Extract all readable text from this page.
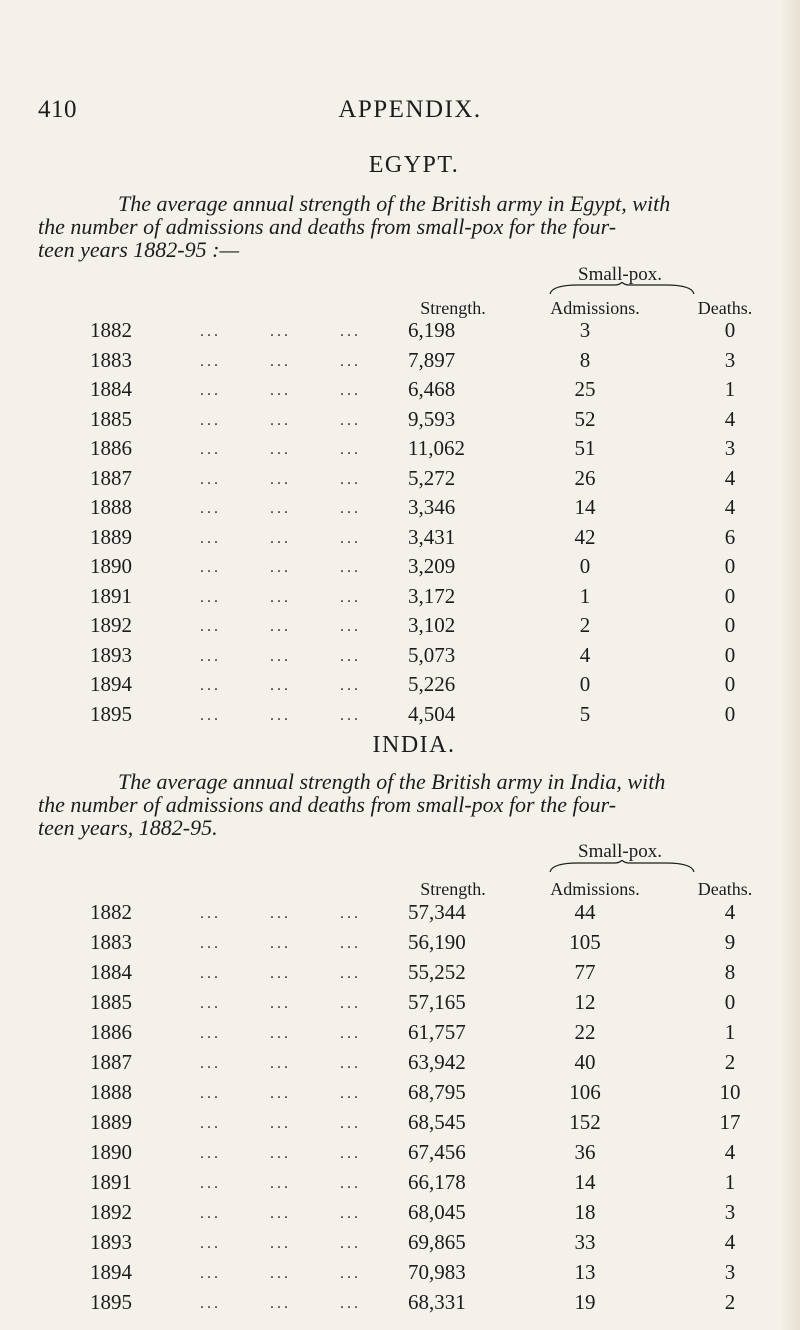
410	APPENDIX.
EGYPT.
The average annual strength of the British army in Egypt, with
the number of admissions and deaths from small-pox for the four-
teen years 1882-95 :—
Small-pox.
Strength.	Admissions.	Deaths.
1882	...	...	...	6,198	3	0
1883	...	...	...	7,897	8	3
1884	...	...	...	6,468	25	1
1885	...	...	...	9,593	52	4
1886	...	...	...	11,062	51	3
1887	...	...	...	5,272	26	4
1888	...	...	...	3,346	14	4
1889	...	...	...	3,431	42	6
1890	...	...	...	3,209	0	0
1891	...	...	...	3,172	1	0
1892	...	...	...	3,102	2	0
1893	...	...	...	5,073	4	0
1894	...	...	...	5,226	0	0
1895	...	...	...	4,504	5	0
INDIA.
The average annual strength of the British army in India, with
the number of admissions and deaths from small-pox for the four-
teen years, 1882-95.
Small-pox.
Strength.	Admissions.	Deaths.
1882	...	...	...	57,344	44	4
1883	...	...	...	56,190	105	9
1884	...	...	...	55,252	77	8
1885	...	...	...	57,165	12	0
1886	...	...	...	61,757	22	1
1887	...	...	...	63,942	40	2
1888	...	...	...	68,795	106	10
1889	...	...	...	68,545	152	17
1890	...	...	...	67,456	36	4
1891	...	...	...	66,178	14	1
1892	...	...	...	68,045	18	3
1893	...	...	...	69,865	33	4
1894	...	...	...	70,983	13	3
1895	...	...	...	68,331	19	2
